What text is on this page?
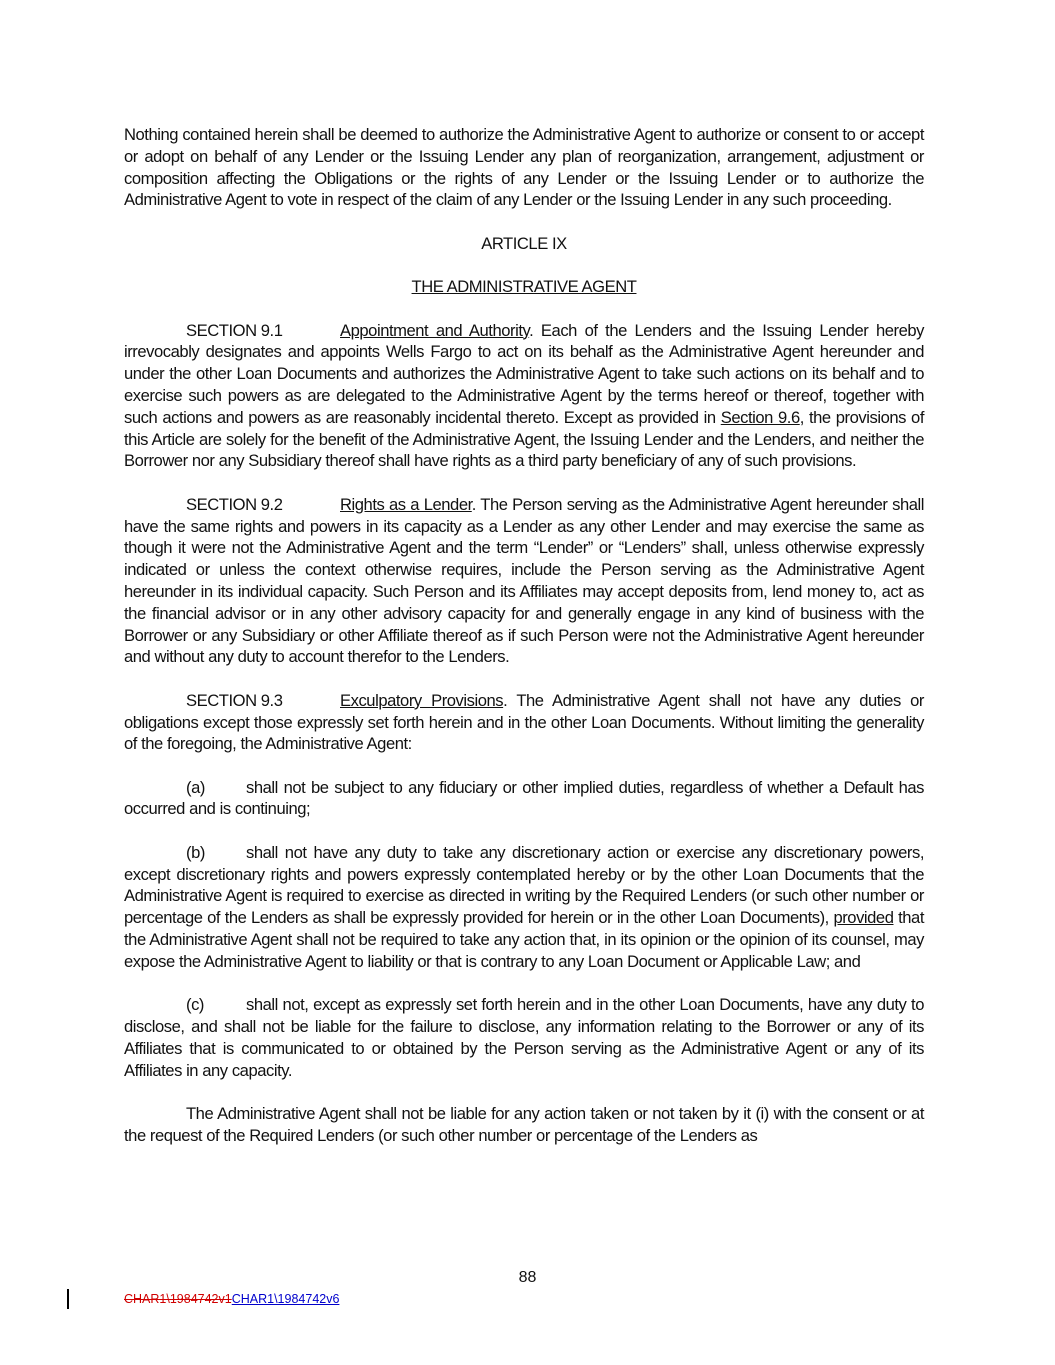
Nothing contained herein shall be deemed to authorize the Administrative Agent to authorize or consent to or accept or adopt on behalf of any Lender or the Issuing Lender any plan of reorganization, arrangement, adjustment or composition affecting the Obligations or the rights of any Lender or the Issuing Lender or to authorize the Administrative Agent to vote in respect of the claim of any Lender or the Issuing Lender in any such proceeding.

ARTICLE IX
THE ADMINISTRATIVE AGENT

SECTION 9.1	Appointment and Authority. Each of the Lenders and the Issuing Lender hereby irrevocably designates and appoints Wells Fargo to act on its behalf as the Administrative Agent hereunder and under the other Loan Documents and authorizes the Administrative Agent to take such actions on its behalf and to exercise such powers as are delegated to the Administrative Agent by the terms hereof or thereof, together with such actions and powers as are reasonably incidental thereto. Except as provided in Section 9.6, the provisions of this Article are solely for the benefit of the Administrative Agent, the Issuing Lender and the Lenders, and neither the Borrower nor any Subsidiary thereof shall have rights as a third party beneficiary of any of such provisions.

SECTION 9.2	Rights as a Lender. The Person serving as the Administrative Agent hereunder shall have the same rights and powers in its capacity as a Lender as any other Lender and may exercise the same as though it were not the Administrative Agent and the term “Lender” or “Lenders” shall, unless otherwise expressly indicated or unless the context otherwise requires, include the Person serving as the Administrative Agent hereunder in its individual capacity. Such Person and its Affiliates may accept deposits from, lend money to, act as the financial advisor or in any other advisory capacity for and generally engage in any kind of business with the Borrower or any Subsidiary or other Affiliate thereof as if such Person were not the Administrative Agent hereunder and without any duty to account therefor to the Lenders.

SECTION 9.3	Exculpatory Provisions. The Administrative Agent shall not have any duties or obligations except those expressly set forth herein and in the other Loan Documents. Without limiting the generality of the foregoing, the Administrative Agent:

(a) shall not be subject to any fiduciary or other implied duties, regardless of whether a Default has occurred and is continuing;

(b) shall not have any duty to take any discretionary action or exercise any discretionary powers, except discretionary rights and powers expressly contemplated hereby or by the other Loan Documents that the Administrative Agent is required to exercise as directed in writing by the Required Lenders (or such other number or percentage of the Lenders as shall be expressly provided for herein or in the other Loan Documents), provided that the Administrative Agent shall not be required to take any action that, in its opinion or the opinion of its counsel, may expose the Administrative Agent to liability or that is contrary to any Loan Document or Applicable Law; and

(c)	shall not, except as expressly set forth herein and in the other Loan Documents, have any duty to disclose, and shall not be liable for the failure to disclose, any information relating to the Borrower or any of its Affiliates that is communicated to or obtained by the Person serving as the Administrative Agent or any of its Affiliates in any capacity.

The Administrative Agent shall not be liable for any action taken or not taken by it (i) with the consent or at the request of the Required Lenders (or such other number or percentage of the Lenders as

88
CHAR1\1984742v1CHAR1\1984742v6
